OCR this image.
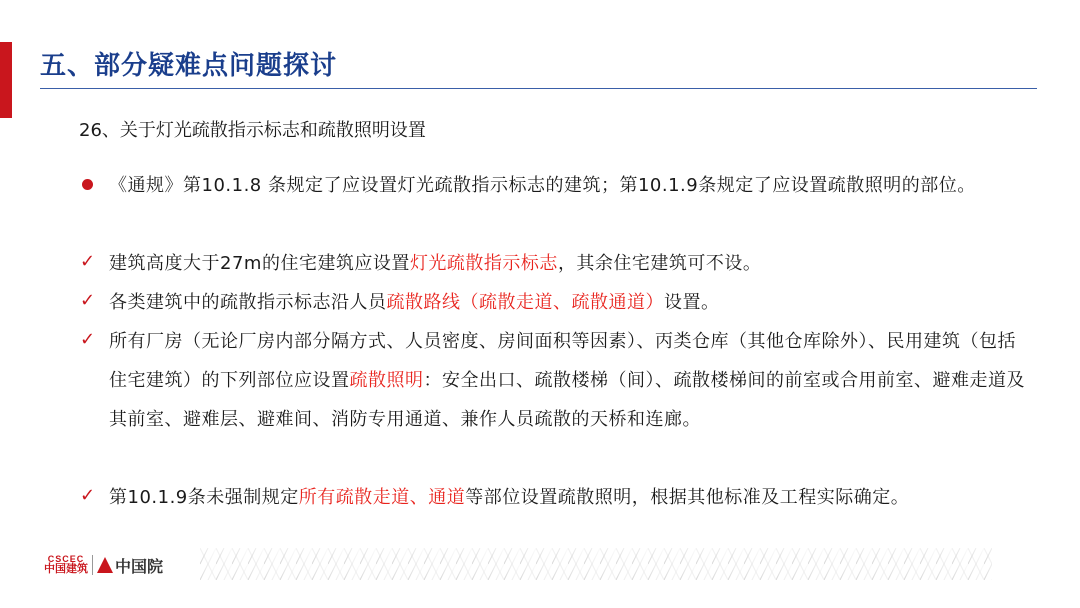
五、部分疑难点问题探讨
26、关于灯光疏散指示标志和疏散照明设置
《通规》第10.1.8 条规定了应设置灯光疏散指示标志的建筑；第10.1.9条规定了应设置疏散照明的部位。
✓ 建筑高度大于27m的住宅建筑应设置灯光疏散指示标志，其余住宅建筑可不设。
✓ 各类建筑中的疏散指示标志沿人员疏散路线（疏散走道、疏散通道）设置。
✓ 所有厂房（无论厂房内部分隔方式、人员密度、房间面积等因素）、丙类仓库（其他仓库除外）、民用建筑（包括住宅建筑）的下列部位应设置疏散照明：安全出口、疏散楼梯（间）、疏散楼梯间的前室或合用前室、避难走道及其前室、避难层、避难间、消防专用通道、兼作人员疏散的天桥和连廊。
✓ 第10.1.9条未强制规定所有疏散走道、通道等部位设置疏散照明，根据其他标准及工程实际确定。
CSCEC
中国建筑 中国院
